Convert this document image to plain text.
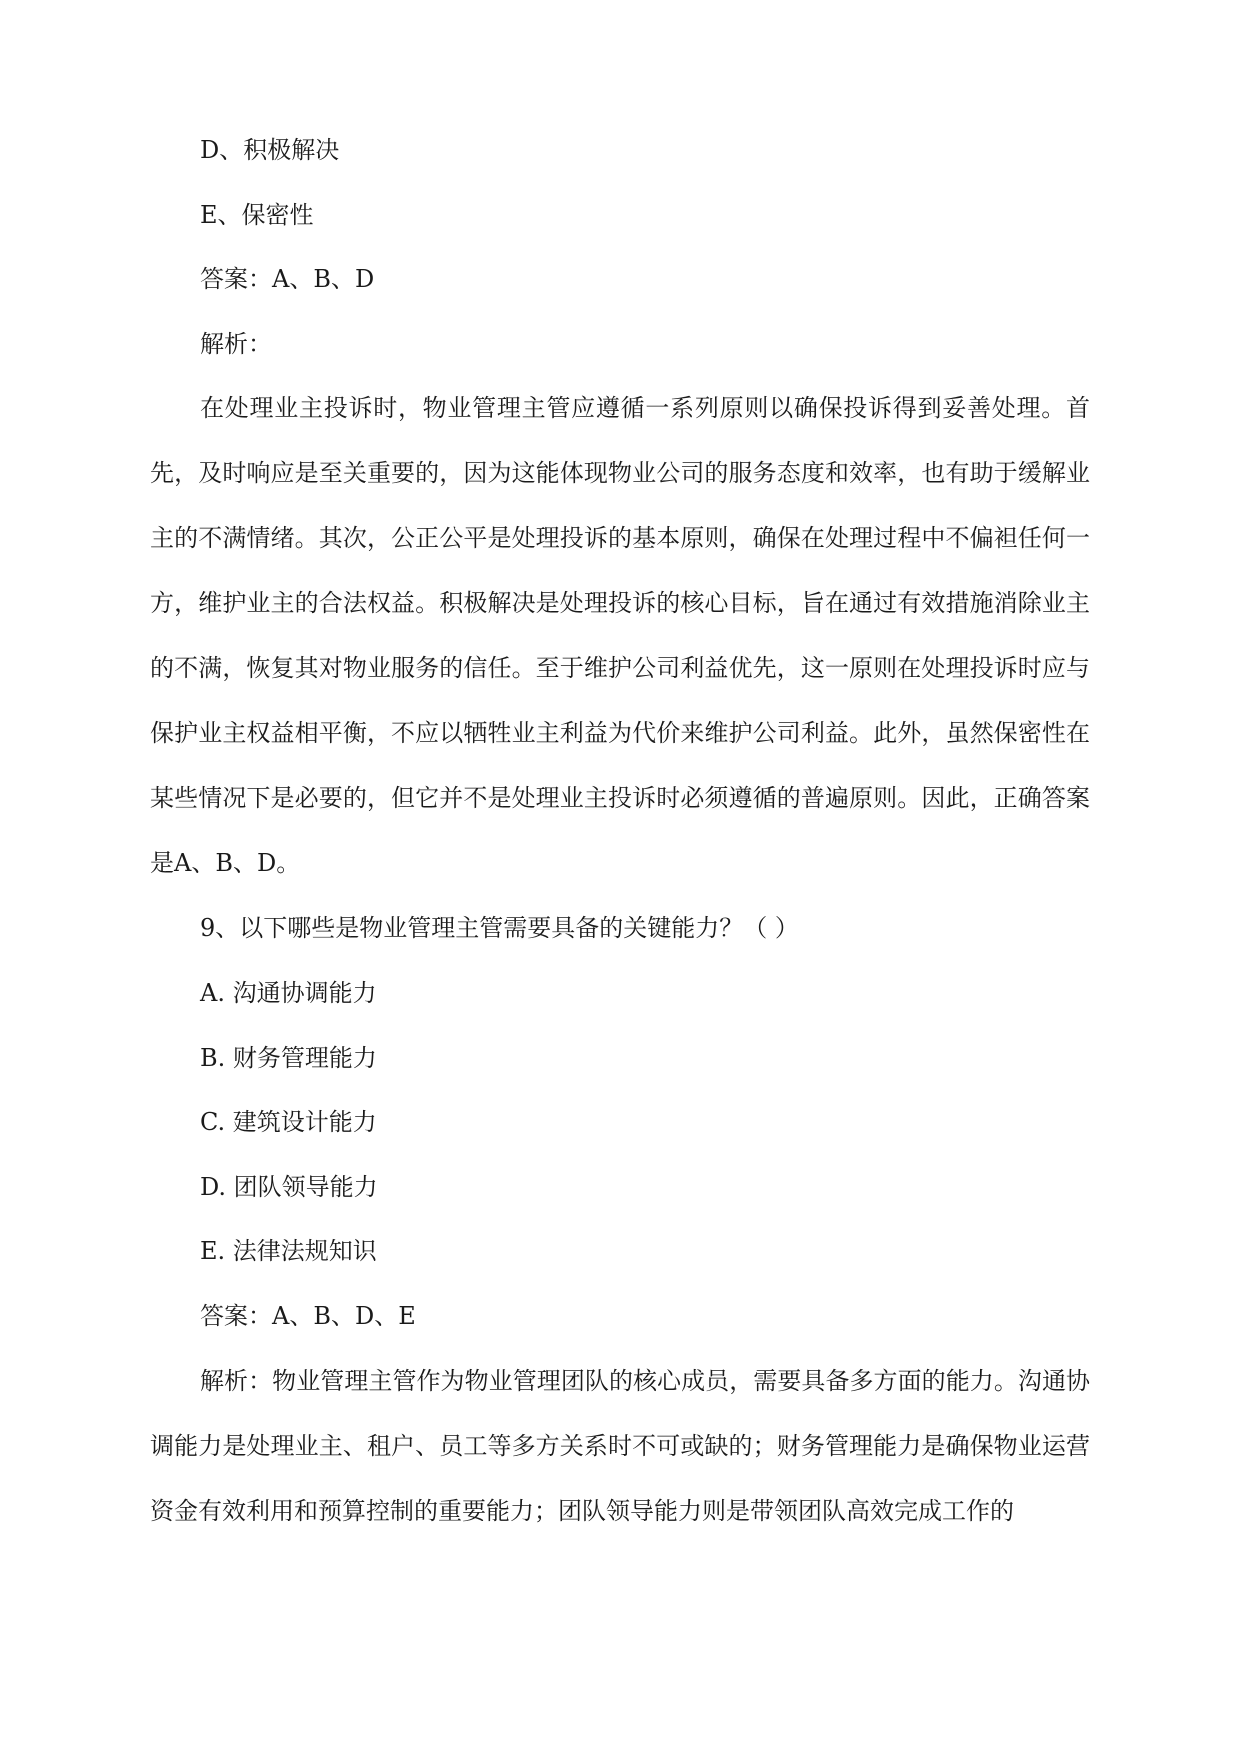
D、积极解决
E、保密性
答案：A、B、D
解析：

在处理业主投诉时，物业管理主管应遵循一系列原则以确保投诉得到妥善处理。首先，及时响应是至关重要的，因为这能体现物业公司的服务态度和效率，也有助于缓解业主的不满情绪。其次，公正公平是处理投诉的基本原则，确保在处理过程中不偏袒任何一方，维护业主的合法权益。积极解决是处理投诉的核心目标，旨在通过有效措施消除业主的不满，恢复其对物业服务的信任。至于维护公司利益优先，这一原则在处理投诉时应与保护业主权益相平衡，不应以牺牲业主利益为代价来维护公司利益。此外，虽然保密性在某些情况下是必要的，但它并不是处理业主投诉时必须遵循的普遍原则。因此，正确答案是A、B、D。

9、以下哪些是物业管理主管需要具备的关键能力？（ ）
A. 沟通协调能力
B. 财务管理能力
C. 建筑设计能力
D. 团队领导能力
E. 法律法规知识
答案：A、B、D、E

解析：物业管理主管作为物业管理团队的核心成员，需要具备多方面的能力。沟通协调能力是处理业主、租户、员工等多方关系时不可或缺的；财务管理能力是确保物业运营资金有效利用和预算控制的重要能力；团队领导能力则是带领团队高效完成工作的
